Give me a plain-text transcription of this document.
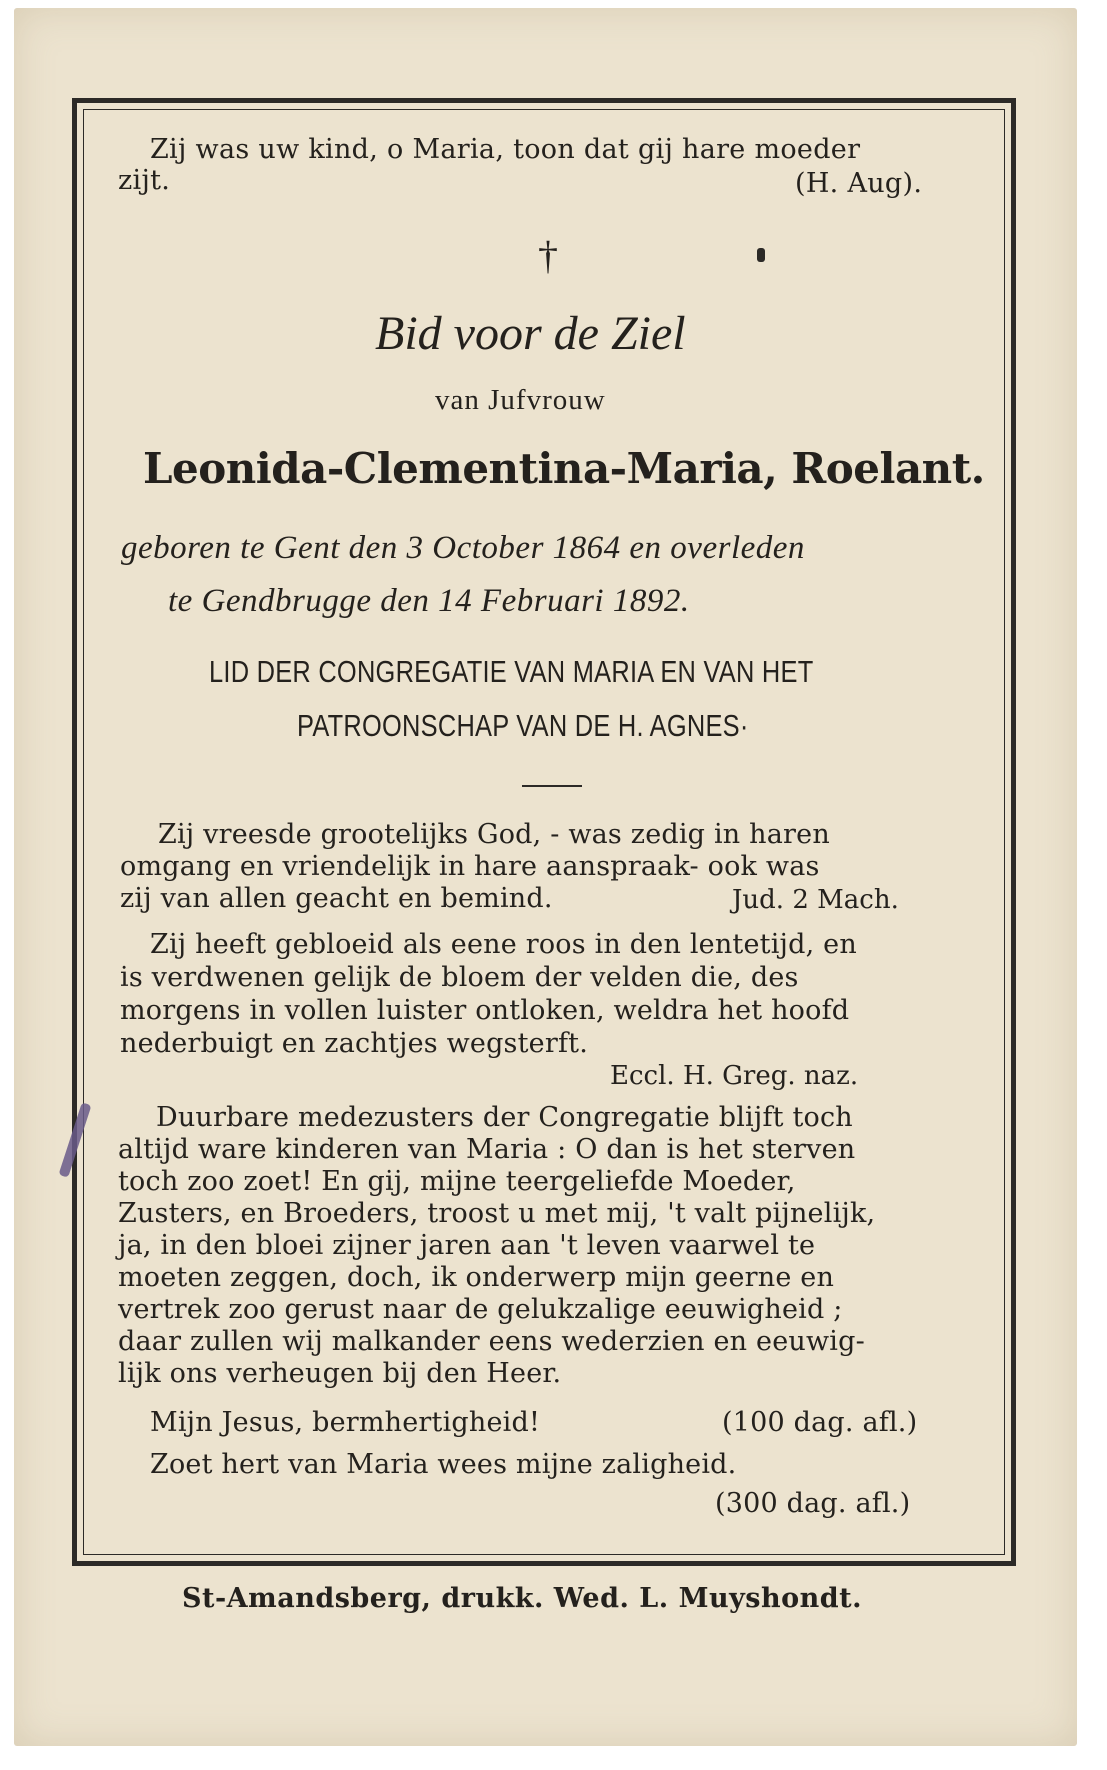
Zij was uw kind, o Maria, toon dat gij hare moeder
zijt.	(H. Aug).
†
Bid voor de Ziel
van Jufvrouw
Leonida-Clementina-Maria, Roelant.
geboren te Gent den 3 October 1864 en overleden
te Gendbrugge den 14 Februari 1892.
LID DER CONGREGATIE VAN MARIA EN VAN HET
PATROONSCHAP VAN DE H. AGNES·
Zij vreesde grootelijks God, - was zedig in haren
omgang en vriendelijk in hare aanspraak- ook was
zij van allen geacht en bemind.	Jud. 2 Mach.
Zij heeft gebloeid als eene roos in den lentetijd, en
is verdwenen gelijk de bloem der velden die, des
morgens in vollen luister ontloken, weldra het hoofd
nederbuigt en zachtjes wegsterft.
Eccl. H. Greg. naz.
Duurbare medezusters der Congregatie blijft toch
altijd ware kinderen van Maria : O dan is het sterven
toch zoo zoet! En gij, mijne teergeliefde Moeder,
Zusters, en Broeders, troost u met mij, 't valt pijnelijk,
ja, in den bloei zijner jaren aan 't leven vaarwel te
moeten zeggen, doch, ik onderwerp mijn geerne en
vertrek zoo gerust naar de gelukzalige eeuwigheid ;
daar zullen wij malkander eens wederzien en eeuwig-
lijk ons verheugen bij den Heer.
Mijn Jesus, bermhertigheid!	(100 dag. afl.)
Zoet hert van Maria wees mijne zaligheid.
(300 dag. afl.)
St-Amandsberg, drukk. Wed. L. Muyshondt.
